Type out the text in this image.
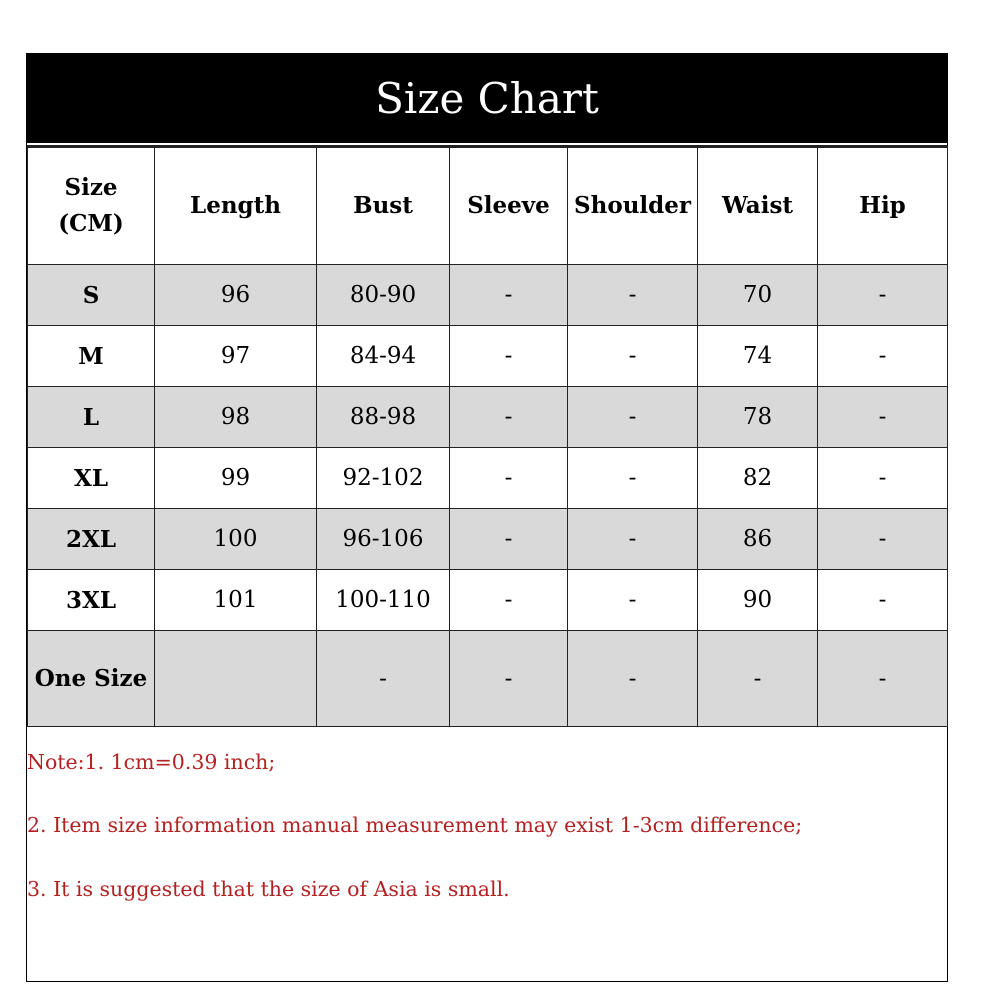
Size Chart
Size
(CM)	Length	Bust	Sleeve	Shoulder	Waist	Hip
S	96	80-90	-	-	70	-
M	97	84-94	-	-	74	-
L	98	88-98	-	-	78	-
XL	99	92-102	-	-	82	-
2XL	100	96-106	-	-	86	-
3XL	101	100-110	-	-	90	-
One Size		-	-	-	-	-
Note:1. 1cm=0.39 inch;
2. Item size information manual measurement may exist 1-3cm difference;
3. It is suggested that the size of Asia is small.
